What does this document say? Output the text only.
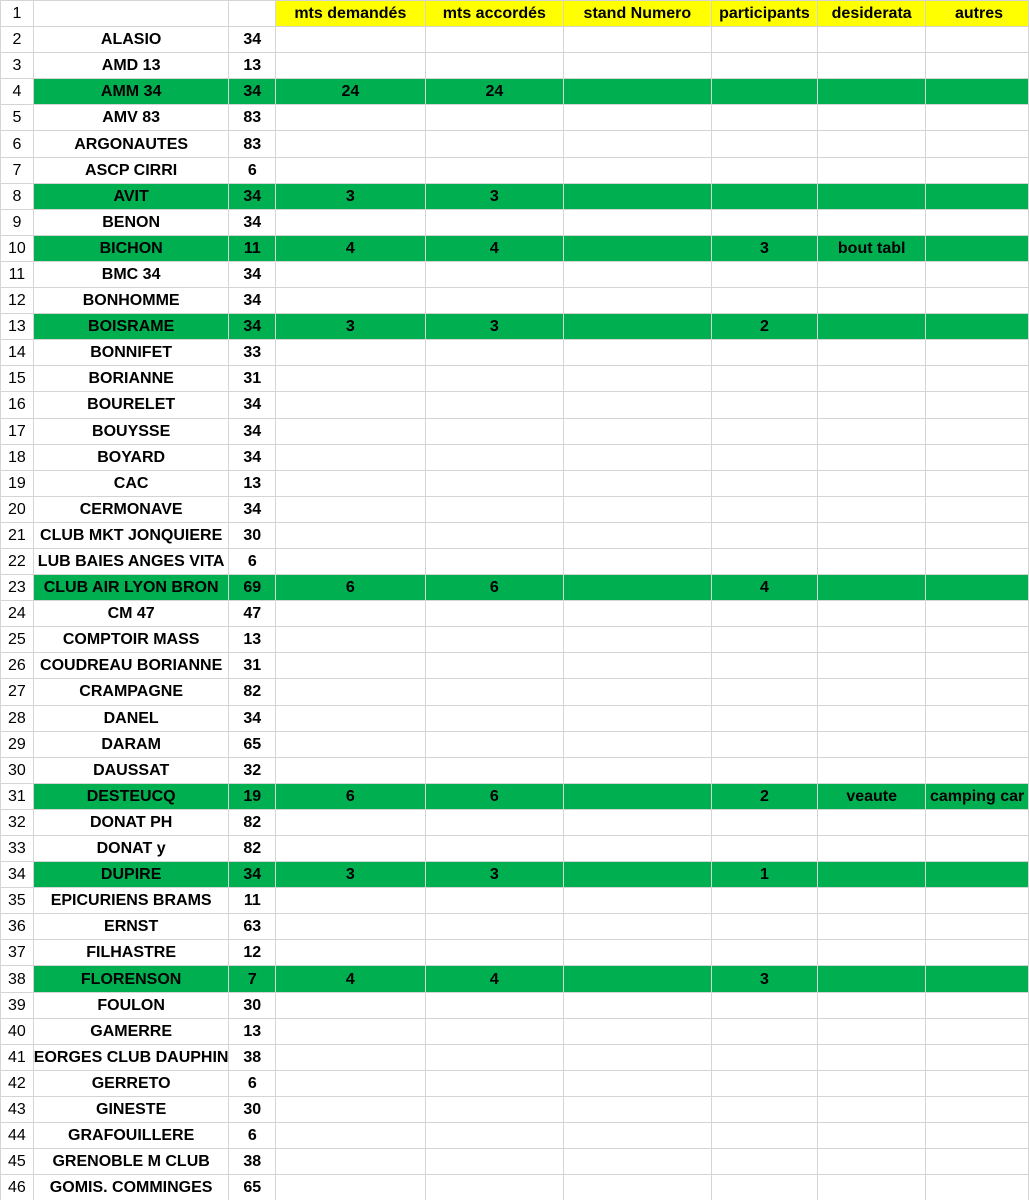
1			mts demandés	mts accordés	stand Numero	participants	desiderata	autres
2	ALASIO	34						
3	AMD 13	13						
4	AMM 34	34	24	24				
5	AMV 83	83						
6	ARGONAUTES	83						
7	ASCP CIRRI	6						
8	AVIT	34	3	3				
9	BENON	34						
10	BICHON	11	4	4		3	bout tabl	
11	BMC 34	34						
12	BONHOMME	34						
13	BOISRAME	34	3	3		2		
14	BONNIFET	33						
15	BORIANNE	31						
16	BOURELET	34						
17	BOUYSSE	34						
18	BOYARD	34						
19	CAC	13						
20	CERMONAVE	34						
21	CLUB MKT JONQUIERE	30						
22	LUB BAIES ANGES VITA	6						
23	CLUB AIR LYON BRON	69	6	6		4		
24	CM 47	47						
25	COMPTOIR MASS	13						
26	COUDREAU BORIANNE	31						
27	CRAMPAGNE	82						
28	DANEL	34						
29	DARAM	65						
30	DAUSSAT	32						
31	DESTEUCQ	19	6	6		2	veaute	camping car
32	DONAT PH	82						
33	DONAT y	82						
34	DUPIRE	34	3	3		1		
35	EPICURIENS BRAMS	11						
36	ERNST	63						
37	FILHASTRE	12						
38	FLORENSON	7	4	4		3		
39	FOULON	30						
40	GAMERRE	13						
41	EORGES CLUB DAUPHIN	38						
42	GERRETO	6						
43	GINESTE	30						
44	GRAFOUILLERE	6						
45	GRENOBLE M CLUB	38						
46	GOMIS. COMMINGES	65						
